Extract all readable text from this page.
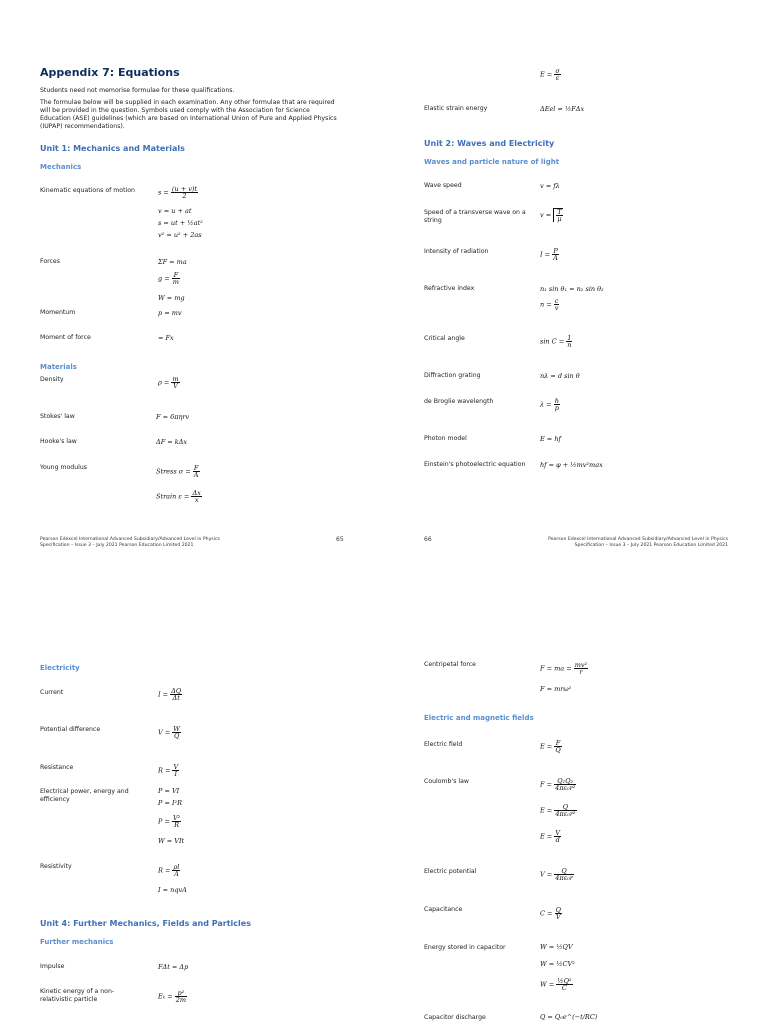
Appendix 7: Equations
Students need not memorise formulae for these qualifications.
The formulae below will be supplied in each examination. Any other formulae that are required will be provided in the question. Symbols used comply with the Association for Science Education (ASE) guidelines (which are based on International Union of Pure and Applied Physics (IUPAP) recommendations).
Unit 1: Mechanics and Materials
Mechanics
Kinematic equations of motion	$s = \frac{(u + v)t}{2}$
v = u + at
s = ut + ½at²
v² = u² + 2as
Forces	ΣF = ma
$g = \frac{F}{m}$
W = mg
Momentum	p = mv
Moment of force	= Fx
Materials
Density	$\rho = \frac{m}{V}$
Stokes' law	F = 6πηrv
Hooke's law	ΔF = kΔx
Young modulus	Stress $\sigma = \frac{F}{A}$
Strain $\varepsilon = \frac{\Delta x}{x}$
Pearson Edexcel International Advanced Subsidiary/Advanced Level in Physics
Specification – Issue 3 – July 2021 Pearson Education Limited 2021
65
$E = \frac{\sigma}{\varepsilon}$
Elastic strain energy	ΔEel = ½FΔx
Unit 2: Waves and Electricity
Waves and particle nature of light
Wave speed	v = fλ
Speed of a transverse wave on a string
$v = \frac{T}{\mu}$
Intensity of radiation	$I = \frac{P}{A}$
Refractive index	n₁ sin θ₁ = n₂ sin θ₂
$n = \frac{c}{v}$
Critical angle	$\sin C = \frac{1}{n}$
Diffraction grating	nλ = d sin θ
de Broglie wavelength	$\lambda = \frac{h}{p}$
Photon model	E = hf
Einstein's photoelectric equation hf = φ + ½mv²max
66	Pearson Edexcel International Advanced Subsidiary/Advanced Level in Physics
Specification – Issue 3 – July 2021 Pearson Education Limited 2021
Electricity
Current	$I = \frac{\Delta Q}{\Delta t}$
Potential difference	$V = \frac{W}{Q}$
Resistance	$R = \frac{V}{I}$
Electrical power, energy and efficiency
P = VI
P = I²R
$P = \frac{\text{V²}}{R}$
W = VIt
Resistivity	$R = \frac{\rho l}{A}$
I = nqvA
Unit 4: Further Mechanics, Fields and Particles
Further mechanics
Impulse	FΔt = Δp
Kinetic energy of a non-relativistic particle	$E_k = \frac{\text{p²}}{2m}$
Centripetal force	F = ma = $\frac{\text{mv²}}{r}$
F = mrω²
Electric and magnetic fields
Electric field	$E = \frac{F}{Q}$
Coulomb's law	$F = \frac{\text{Q₁Q₂}}{\text{4πε₀r²}}$
$E = \frac{Q}{\text{4πε₀r²}}$
$E = \frac{V}{d}$
Electric potential	$V = \frac{Q}{\text{4πε₀r}}$
Capacitance	$C = \frac{Q}{V}$
Energy stored in capacitor	W = ½QV
W = ½CV²
$W = \frac{\text{½Q²}}{C}$
Capacitor discharge	Q = Q₀e^(−t/RC)
